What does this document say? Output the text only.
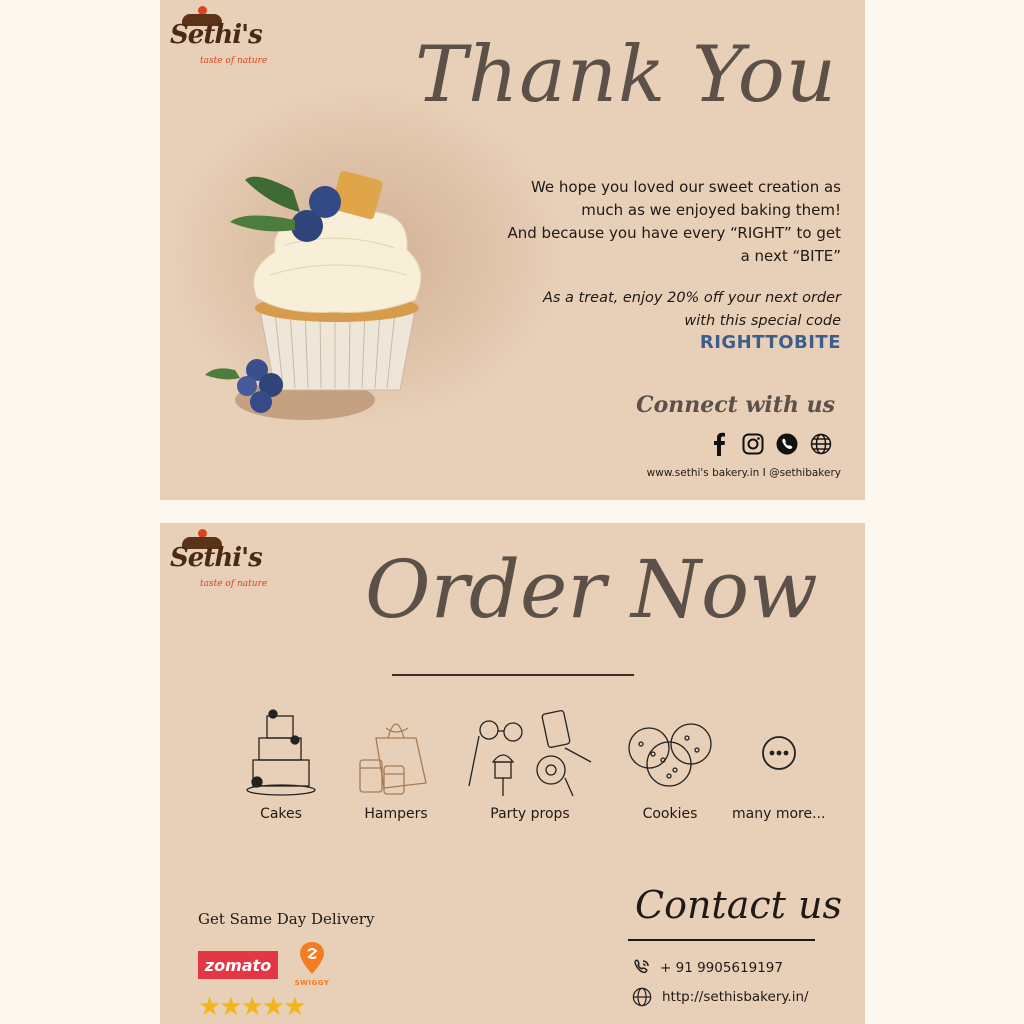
Sethi's
taste of nature Thank You

We hope you loved our sweet creation as

much as we enjoyed baking them!

And because you have every “RIGHT” to get

a next “BITE”

As a treat, enjoy 20% off your next order

with this special code

RIGHTTOBITE
Connect with us
www.sethi's bakery.in I @sethibakery
Sethi's
taste of nature Order Now
Cakes	Hampers	Party props	Cookies	many more...
Get Same Day Delivery
zomato
SWIGGY
★★★★★
Contact us
+ 91 9905619197
http://sethisbakery.in/
